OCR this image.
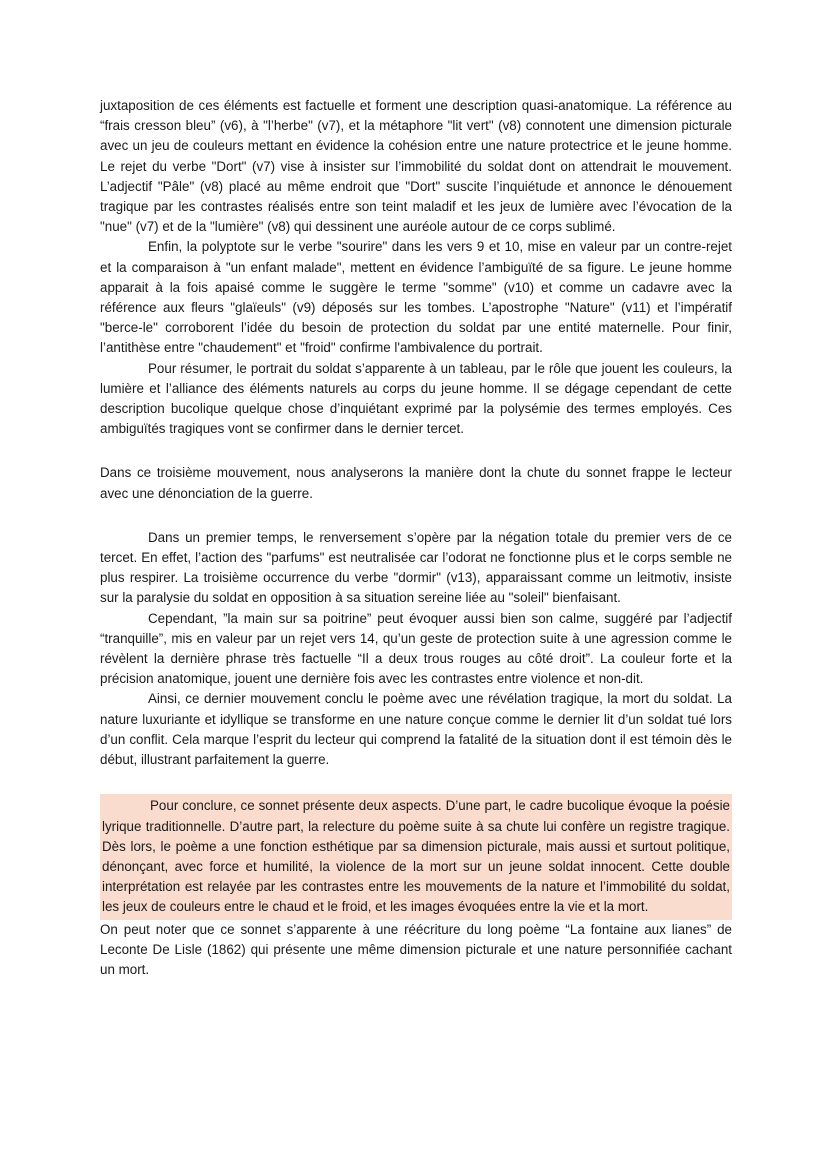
juxtaposition de ces éléments est factuelle et forment une description quasi-anatomique. La référence au “frais cresson bleu” (v6), à "l’herbe" (v7), et la métaphore "lit vert" (v8) connotent une dimension picturale avec un jeu de couleurs mettant en évidence la cohésion entre une nature protectrice et le jeune homme. Le rejet du verbe "Dort" (v7) vise à insister sur l’immobilité du soldat dont on attendrait le mouvement. L’adjectif "Pâle" (v8) placé au même endroit que "Dort" suscite l’inquiétude et annonce le dénouement tragique par les contrastes réalisés entre son teint maladif et les jeux de lumière avec l’évocation de la "nue" (v7) et de la "lumière" (v8) qui dessinent une auréole autour de ce corps sublimé.

Enfin, la polyptote sur le verbe "sourire" dans les vers 9 et 10, mise en valeur par un contre-rejet et la comparaison à "un enfant malade", mettent en évidence l’ambiguïté de sa figure. Le jeune homme apparait à la fois apaisé comme le suggère le terme "somme" (v10) et comme un cadavre avec la référence aux fleurs "glaïeuls" (v9) déposés sur les tombes. L’apostrophe "Nature" (v11) et l’impératif "berce-le" corroborent l’idée du besoin de protection du soldat par une entité maternelle. Pour finir, l’antithèse entre "chaudement" et "froid" confirme l'ambivalence du portrait.

Pour résumer, le portrait du soldat s’apparente à un tableau, par le rôle que jouent les couleurs, la lumière et l’alliance des éléments naturels au corps du jeune homme. Il se dégage cependant de cette description bucolique quelque chose d’inquiétant exprimé par la polysémie des termes employés. Ces ambiguïtés tragiques vont se confirmer dans le dernier tercet.

Dans ce troisième mouvement, nous analyserons la manière dont la chute du sonnet frappe le lecteur avec une dénonciation de la guerre.

Dans un premier temps, le renversement s’opère par la négation totale du premier vers de ce tercet. En effet, l’action des "parfums" est neutralisée car l’odorat ne fonctionne plus et le corps semble ne plus respirer. La troisième occurrence du verbe "dormir" (v13), apparaissant comme un leitmotiv, insiste sur la paralysie du soldat en opposition à sa situation sereine liée au "soleil" bienfaisant.

Cependant, ”la main sur sa poitrine” peut évoquer aussi bien son calme, suggéré par l’adjectif “tranquille”, mis en valeur par un rejet vers 14, qu’un geste de protection suite à une agression comme le révèlent la dernière phrase très factuelle “Il a deux trous rouges au côté droit”. La couleur forte et la précision anatomique, jouent une dernière fois avec les contrastes entre violence et non-dit.

Ainsi, ce dernier mouvement conclu le poème avec une révélation tragique, la mort du soldat. La nature luxuriante et idyllique se transforme en une nature conçue comme le dernier lit d’un soldat tué lors d’un conflit. Cela marque l’esprit du lecteur qui comprend la fatalité de la situation dont il est témoin dès le début, illustrant parfaitement la guerre.

Pour conclure, ce sonnet présente deux aspects. D’une part, le cadre bucolique évoque la poésie lyrique traditionnelle. D’autre part, la relecture du poème suite à sa chute lui confère un registre tragique. Dès lors, le poème a une fonction esthétique par sa dimension picturale, mais aussi et surtout politique, dénonçant, avec force et humilité, la violence de la mort sur un jeune soldat innocent. Cette double interprétation est relayée par les contrastes entre les mouvements de la nature et l’immobilité du soldat, les jeux de couleurs entre le chaud et le froid, et les images évoquées entre la vie et la mort.

On peut noter que ce sonnet s’apparente à une réécriture du long poème “La fontaine aux lianes” de Leconte De Lisle (1862) qui présente une même dimension picturale et une nature personnifiée cachant un mort.
